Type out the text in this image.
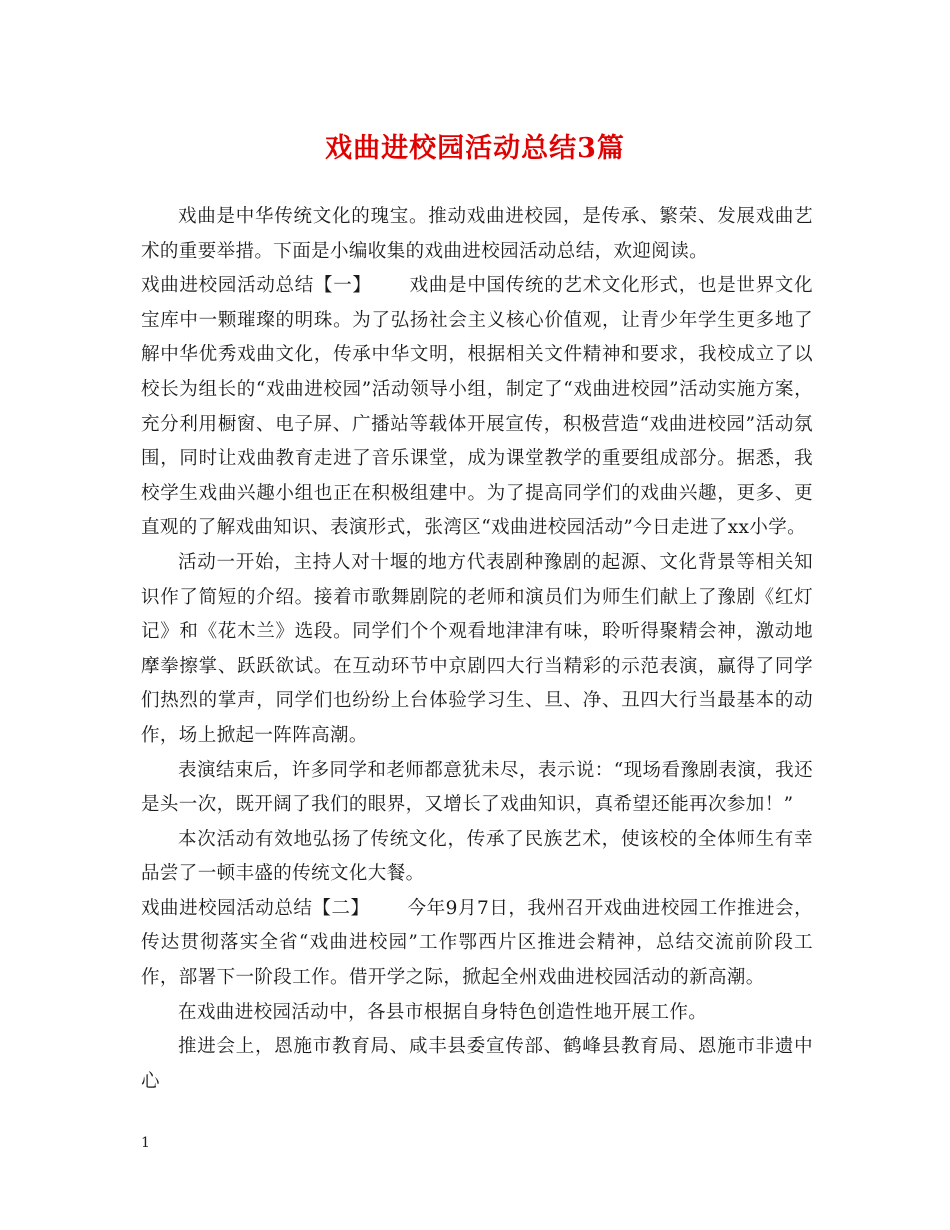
戏曲进校园活动总结3篇

戏曲是中华传统文化的瑰宝。推动戏曲进校园，是传承、繁荣、发展戏曲艺术的重要举措。下面是小编收集的戏曲进校园活动总结，欢迎阅读。

戏曲进校园活动总结【一】 戏曲是中国传统的艺术文化形式，也是世界文化宝库中一颗璀璨的明珠。为了弘扬社会主义核心价值观，让青少年学生更多地了解中华优秀戏曲文化，传承中华文明，根据相关文件精神和要求，我校成立了以校长为组长的“戏曲进校园”活动领导小组，制定了“戏曲进校园”活动实施方案，充分利用橱窗、电子屏、广播站等载体开展宣传，积极营造“戏曲进校园”活动氛围，同时让戏曲教育走进了音乐课堂，成为课堂教学的重要组成部分。据悉，我校学生戏曲兴趣小组也正在积极组建中。为了提高同学们的戏曲兴趣，更多、更直观的了解戏曲知识、表演形式，张湾区“戏曲进校园活动”今日走进了xx小学。

活动一开始，主持人对十堰的地方代表剧种豫剧的起源、文化背景等相关知识作了简短的介绍。接着市歌舞剧院的老师和演员们为师生们献上了豫剧《红灯记》和《花木兰》选段。同学们个个观看地津津有味，聆听得聚精会神，激动地摩拳擦掌、跃跃欲试。在互动环节中京剧四大行当精彩的示范表演，赢得了同学们热烈的掌声，同学们也纷纷上台体验学习生、旦、净、丑四大行当最基本的动作，场上掀起一阵阵高潮。

表演结束后，许多同学和老师都意犹未尽，表示说：“现场看豫剧表演，我还是头一次，既开阔了我们的眼界，又增长了戏曲知识，真希望还能再次参加！”

本次活动有效地弘扬了传统文化，传承了民族艺术，使该校的全体师生有幸品尝了一顿丰盛的传统文化大餐。

戏曲进校园活动总结【二】 今年9月7日，我州召开戏曲进校园工作推进会，传达贯彻落实全省“戏曲进校园”工作鄂西片区推进会精神，总结交流前阶段工作，部署下一阶段工作。借开学之际，掀起全州戏曲进校园活动的新高潮。

在戏曲进校园活动中，各县市根据自身特色创造性地开展工作。

推进会上，恩施市教育局、咸丰县委宣传部、鹤峰县教育局、恩施市非遗中心

1
